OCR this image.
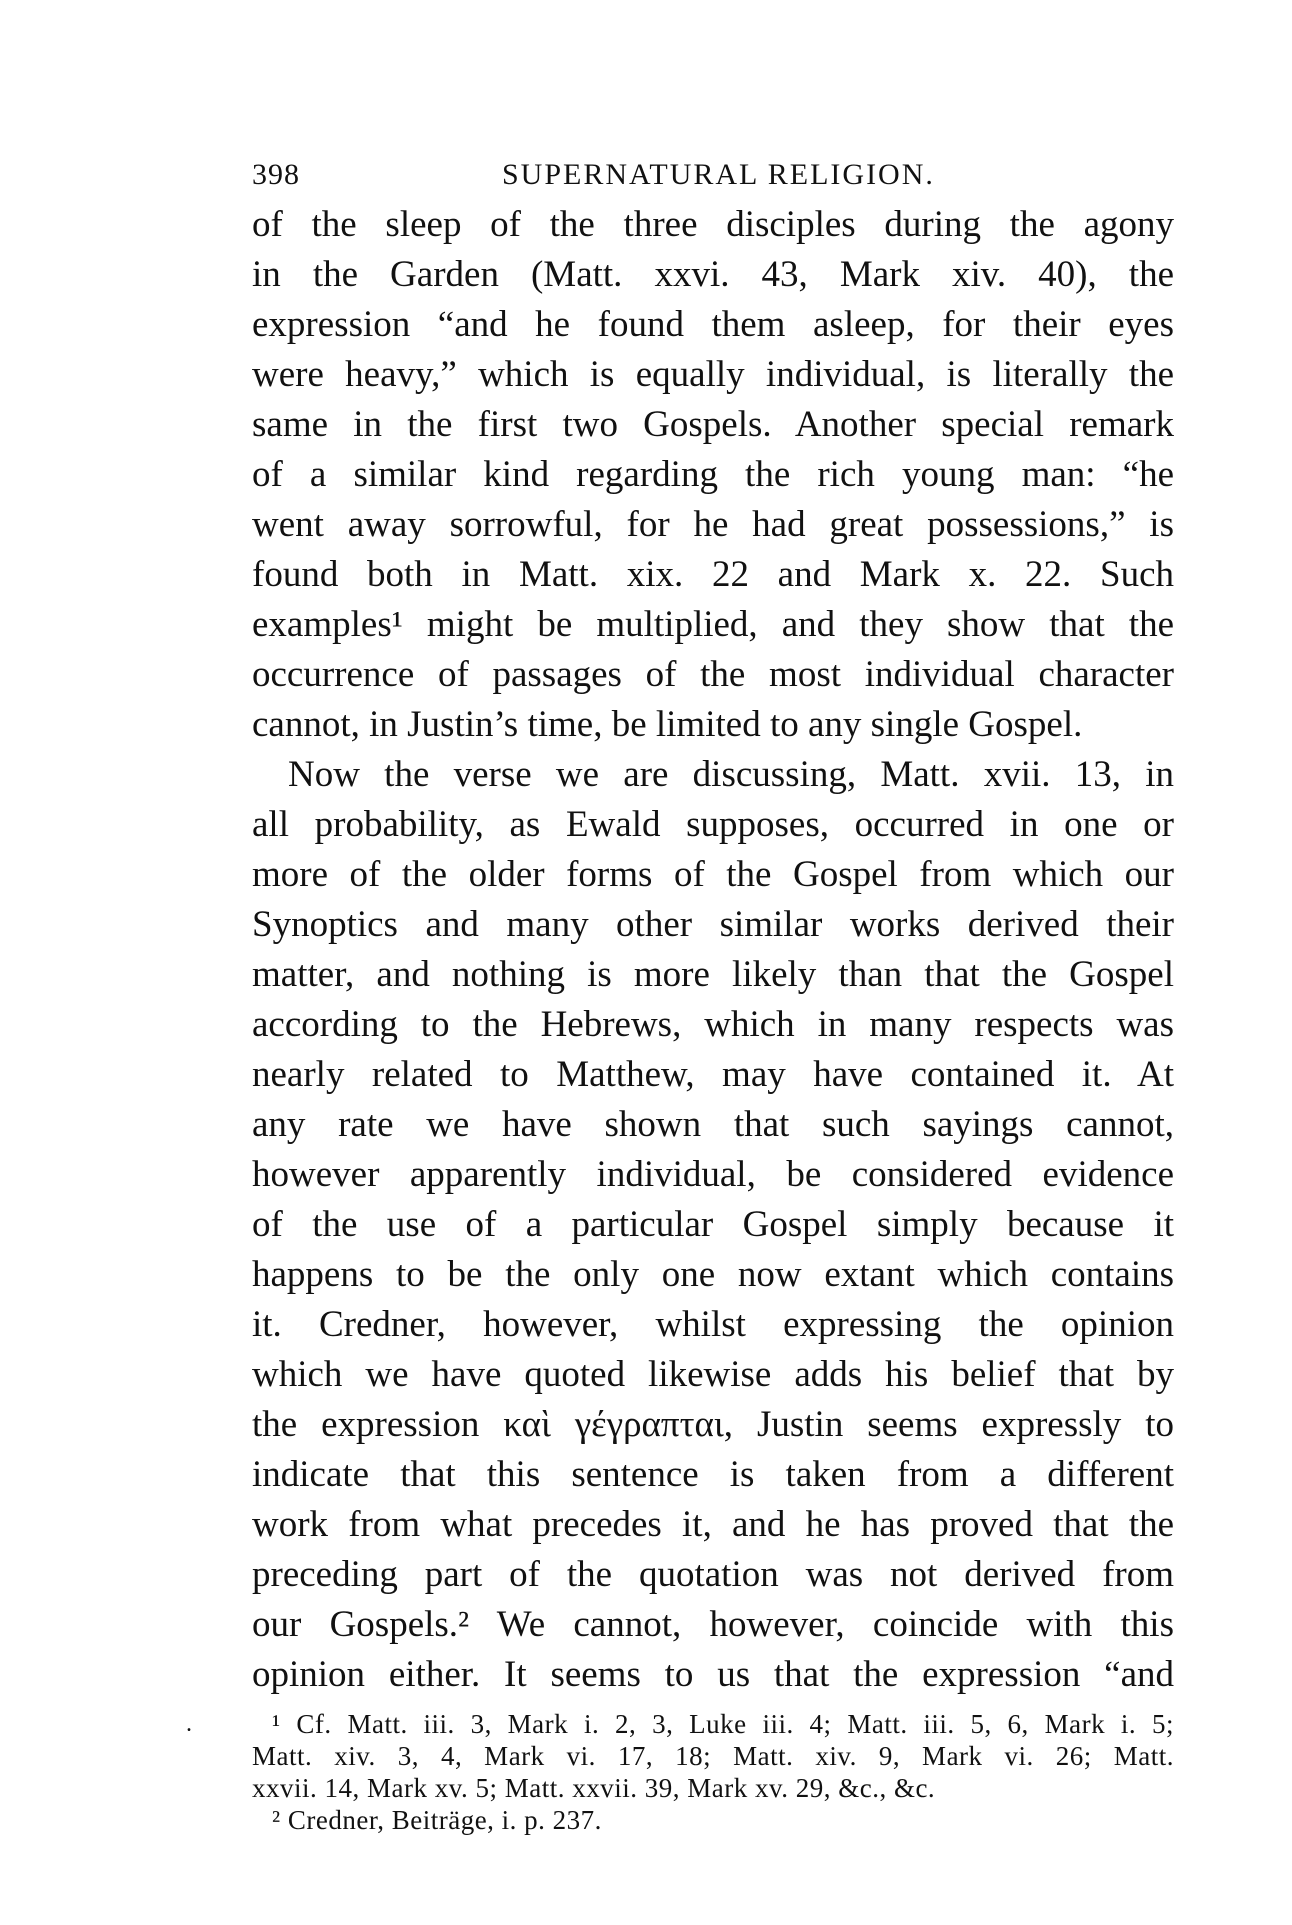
398	SUPERNATURAL RELIGION.
of the sleep of the three disciples during the agony
in the Garden (Matt. xxvi. 43, Mark xiv. 40), the
expression “and he found them asleep, for their eyes
were heavy,” which is equally individual, is literally the
same in the first two Gospels. Another special remark
of a similar kind regarding the rich young man: “he
went away sorrowful, for he had great possessions,” is
found both in Matt. xix. 22 and Mark x. 22. Such
examples¹ might be multiplied, and they show that the
occurrence of passages of the most individual character
cannot, in Justin’s time, be limited to any single Gospel.
Now the verse we are discussing, Matt. xvii. 13, in
all probability, as Ewald supposes, occurred in one or
more of the older forms of the Gospel from which our
Synoptics and many other similar works derived their
matter, and nothing is more likely than that the Gospel
according to the Hebrews, which in many respects was
nearly related to Matthew, may have contained it. At
any rate we have shown that such sayings cannot,
however apparently individual, be considered evidence
of the use of a particular Gospel simply because it
happens to be the only one now extant which contains
it. Credner, however, whilst expressing the opinion
which we have quoted likewise adds his belief that by
the expression καὶ γέγραπται, Justin seems expressly to
indicate that this sentence is taken from a different
work from what precedes it, and he has proved that the
preceding part of the quotation was not derived from
our Gospels.² We cannot, however, coincide with this
opinion either. It seems to us that the expression “and
¹ Cf. Matt. iii. 3, Mark i. 2, 3, Luke iii. 4; Matt. iii. 5, 6, Mark i. 5;
Matt. xiv. 3, 4, Mark vi. 17, 18; Matt. xiv. 9, Mark vi. 26; Matt.
xxvii. 14, Mark xv. 5; Matt. xxvii. 39, Mark xv. 29, &c., &c.
² Credner, Beiträge, i. p. 237.
.
